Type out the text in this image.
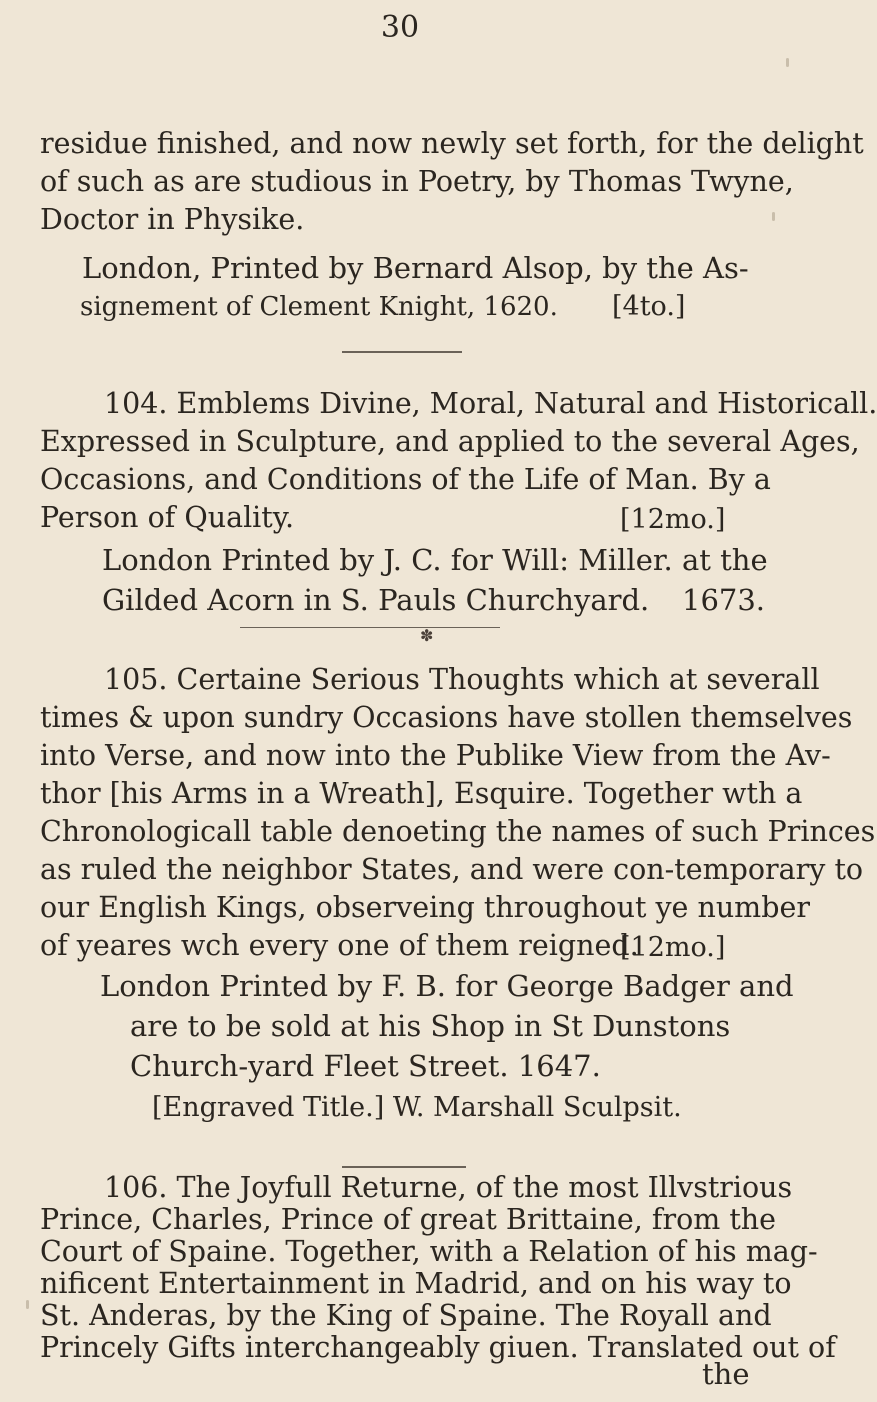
30
residue finished, and now newly set forth, for the delight
of such as are studious in Poetry, by Thomas Twyne,
Doctor in Physike.
London, Printed by Bernard Alsop, by the As-
signement of Clement Knight, 1620. [4to.]
104. Emblems Divine, Moral, Natural and Historicall.
Expressed in Sculpture, and applied to the several Ages,
Occasions, and Conditions of the Life of Man. By a
Person of Quality.	[12mo.]
London Printed by J. C. for Will: Miller. at the
Gilded Acorn in S. Pauls Churchyard. 1673.
✽
105. Certaine Serious Thoughts which at severall
times & upon sundry Occasions have stollen themselves
into Verse, and now into the Publike View from the Av-
thor [his Arms in a Wreath], Esquire. Together wth a
Chronologicall table denoeting the names of such Princes
as ruled the neighbor States, and were con-temporary to
our English Kings, observeing throughout ye number
of yeares wch every one of them reigned.
[12mo.]
London Printed by F. B. for George Badger and
are to be sold at his Shop in St Dunstons
Church-yard Fleet Street. 1647.
[Engraved Title.] W. Marshall Sculpsit.
106. The Joyfull Returne, of the most Illvstrious
Prince, Charles, Prince of great Brittaine, from the
Court of Spaine. Together, with a Relation of his mag-
nificent Entertainment in Madrid, and on his way to
St. Anderas, by the King of Spaine. The Royall and
Princely Gifts interchangeably giuen. Translated out of
the
